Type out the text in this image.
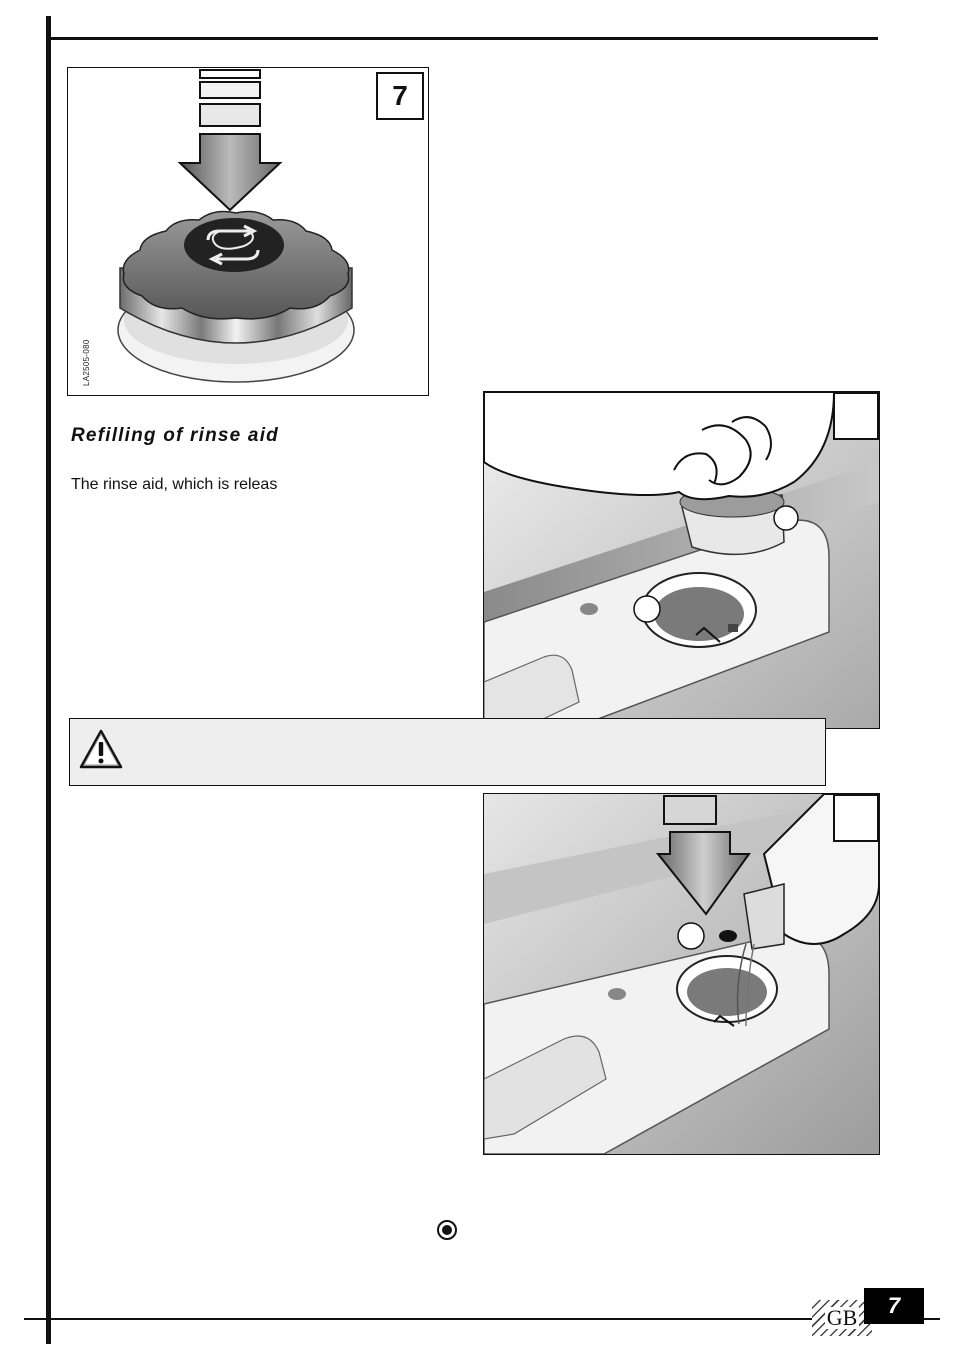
7
LA2505-080
Refilling of rinse aid
The rinse aid, which is releas
GB	7
